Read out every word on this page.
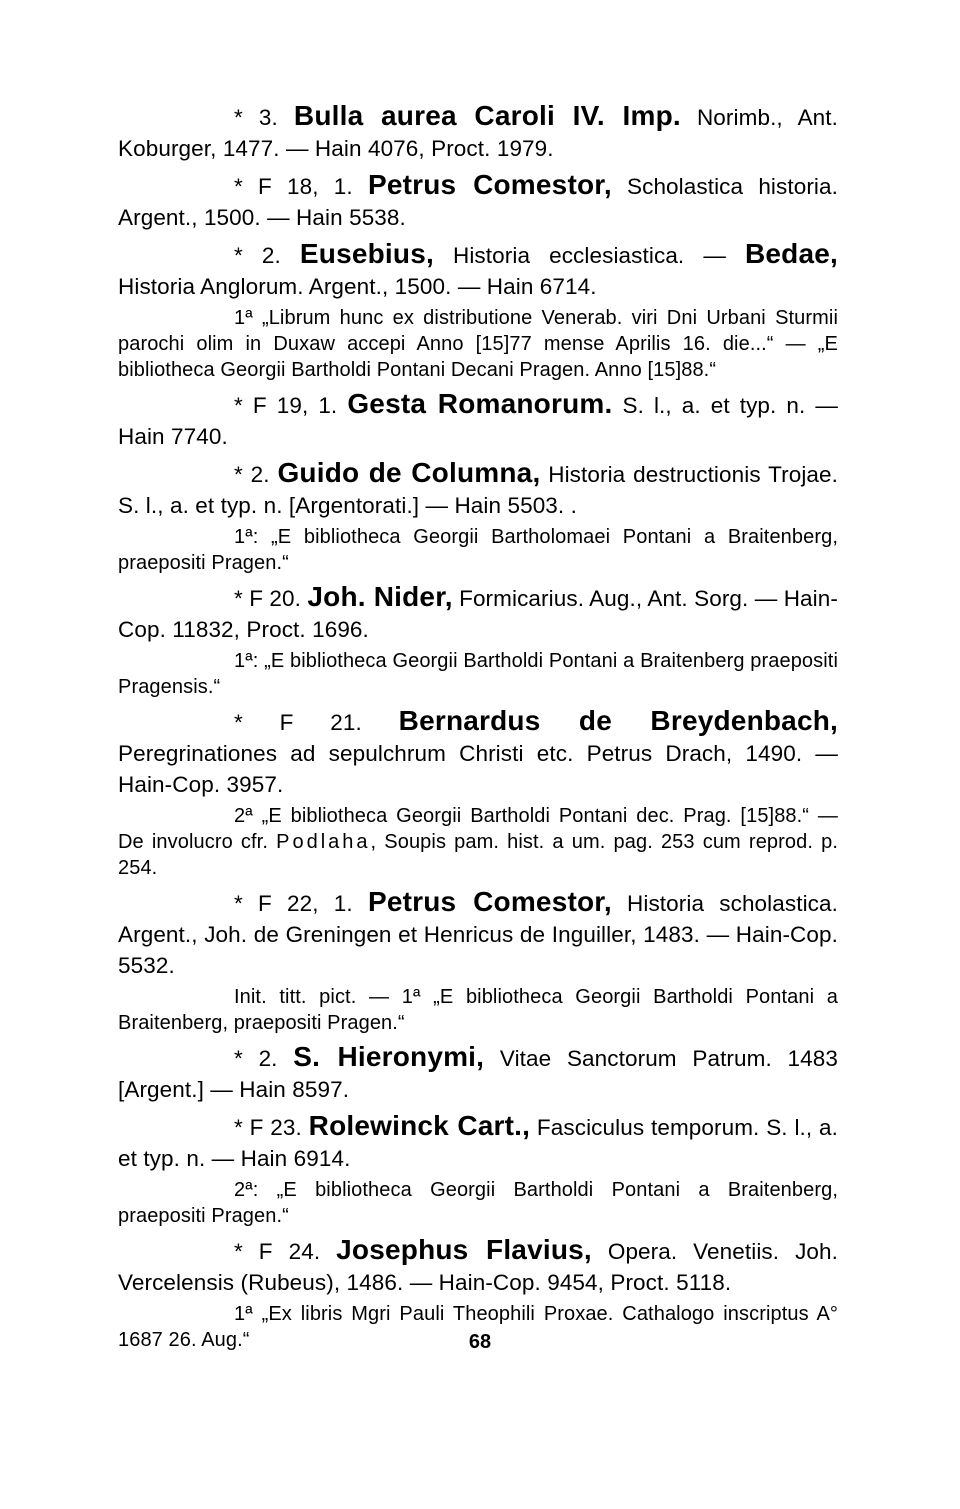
* 3. Bulla aurea Caroli IV. Imp. Norimb., Ant. Koburger, 1477. — Hain 4076, Proct. 1979.

* F 18, 1. Petrus Comestor, Scholastica historia. Argent., 1500. — Hain 5538.

* 2. Eusebius, Historia ecclesiastica. — Bedae, Historia Anglorum. Argent., 1500. — Hain 6714.

1ª „Librum hunc ex distributione Venerab. viri Dni Urbani Sturmii parochi olim in Duxaw accepi Anno [15]77 mense Aprilis 16. die...“ — „E bibliotheca Georgii Bartholdi Pontani Decani Pragen. Anno [15]88.“

* F 19, 1. Gesta Romanorum. S. l., a. et typ. n. — Hain 7740.

* 2. Guido de Columna, Historia destructionis Trojae. S. l., a. et typ. n. [Argentorati.] — Hain 5503. .

1ª: „E bibliotheca Georgii Bartholomaei Pontani a Braitenberg, praepositi Pragen.“

* F 20. Joh. Nider, Formicarius. Aug., Ant. Sorg. — Hain-Cop. 11832, Proct. 1696.

1ª: „E bibliotheca Georgii Bartholdi Pontani a Braitenberg praepositi Pragensis.“

* F 21. Bernardus de Breydenbach, Peregrinationes ad sepulchrum Christi etc. Petrus Drach, 1490. — Hain-Cop. 3957.

2ª „E bibliotheca Georgii Bartholdi Pontani dec. Prag. [15]88.“ — De involucro cfr. Podlaha, Soupis pam. hist. a um. pag. 253 cum reprod. p. 254.

* F 22, 1. Petrus Comestor, Historia scholastica. Argent., Joh. de Greningen et Henricus de Inguiller, 1483. — Hain-Cop. 5532.

Init. titt. pict. — 1ª „E bibliotheca Georgii Bartholdi Pontani a Braitenberg, praepositi Pragen.“

* 2. S. Hieronymi, Vitae Sanctorum Patrum. 1483 [Argent.] — Hain 8597.

* F 23. Rolewinck Cart., Fasciculus temporum. S. l., a. et typ. n. — Hain 6914.

2ª: „E bibliotheca Georgii Bartholdi Pontani a Braitenberg, praepositi Pragen.“

* F 24. Josephus Flavius, Opera. Venetiis. Joh. Vercelensis (Rubeus), 1486. — Hain-Cop. 9454, Proct. 5118.

1ª „Ex libris Mgri Pauli Theophili Proxae. Cathalogo inscriptus A° 1687 26. Aug.“	68
